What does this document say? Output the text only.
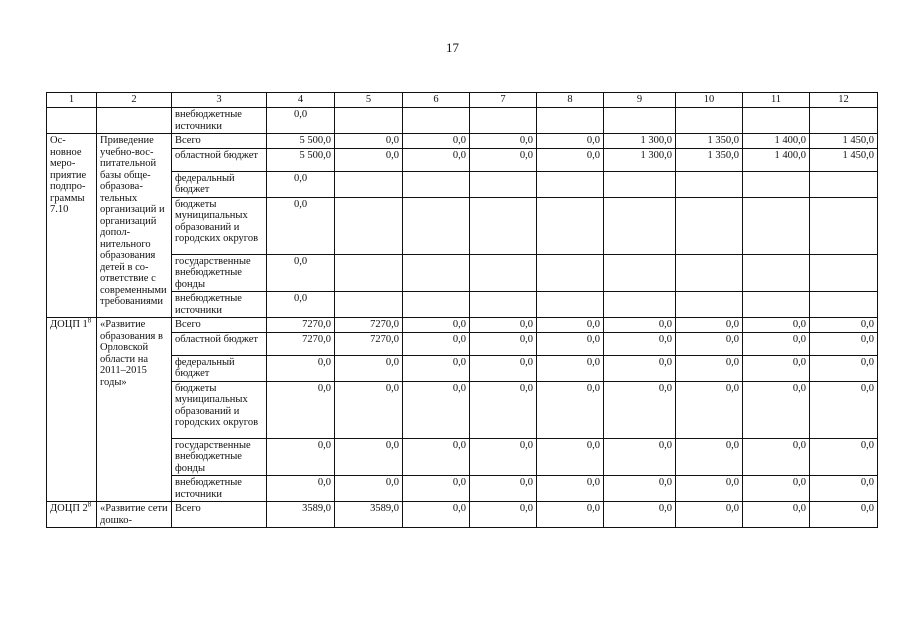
17
1	2	3	4	5	6	7	8	9	10	11	12
		внебюджетные источники	0,0								
Основное мероприятие подпрограммы 7.10	Приведение учебно-воспитательной базы общеобразовательных организаций и организаций дополнительного образования детей в соответствие с современными требованиями	Всего	5 500,0	0,0	0,0	0,0	0,0	1 300,0	1 350,0	1 400,0	1 450,0
		областной бюджет	5 500,0	0,0	0,0	0,0	0,0	1 300,0	1 350,0	1 400,0	1 450,0
		федеральный бюджет	0,0								
		бюджеты муниципальных образований и городских округов	0,0								
		государственные внебюджетные фонды	0,0								
		внебюджетные источники	0,0								
ДОЦП $1^8$	«Развитие образования в Орловской области на 2011–2015 годы»	Всего	7270,0	7270,0	0,0	0,0	0,0	0,0	0,0	0,0	0,0
		областной бюджет	7270,0	7270,0	0,0	0,0	0,0	0,0	0,0	0,0	0,0
		федеральный бюджет	0,0	0,0	0,0	0,0	0,0	0,0	0,0	0,0	0,0
		бюджеты муниципальных образований и городских округов	0,0	0,0	0,0	0,0	0,0	0,0	0,0	0,0	0,0
		государственные внебюджетные фонды	0,0	0,0	0,0	0,0	0,0	0,0	0,0	0,0	0,0
		внебюджетные источники	0,0	0,0	0,0	0,0	0,0	0,0	0,0	0,0	0,0
ДОЦП $2^8$	«Развитие сети дошко-	Всего	3589,0	3589,0	0,0	0,0	0,0	0,0	0,0	0,0	0,0
